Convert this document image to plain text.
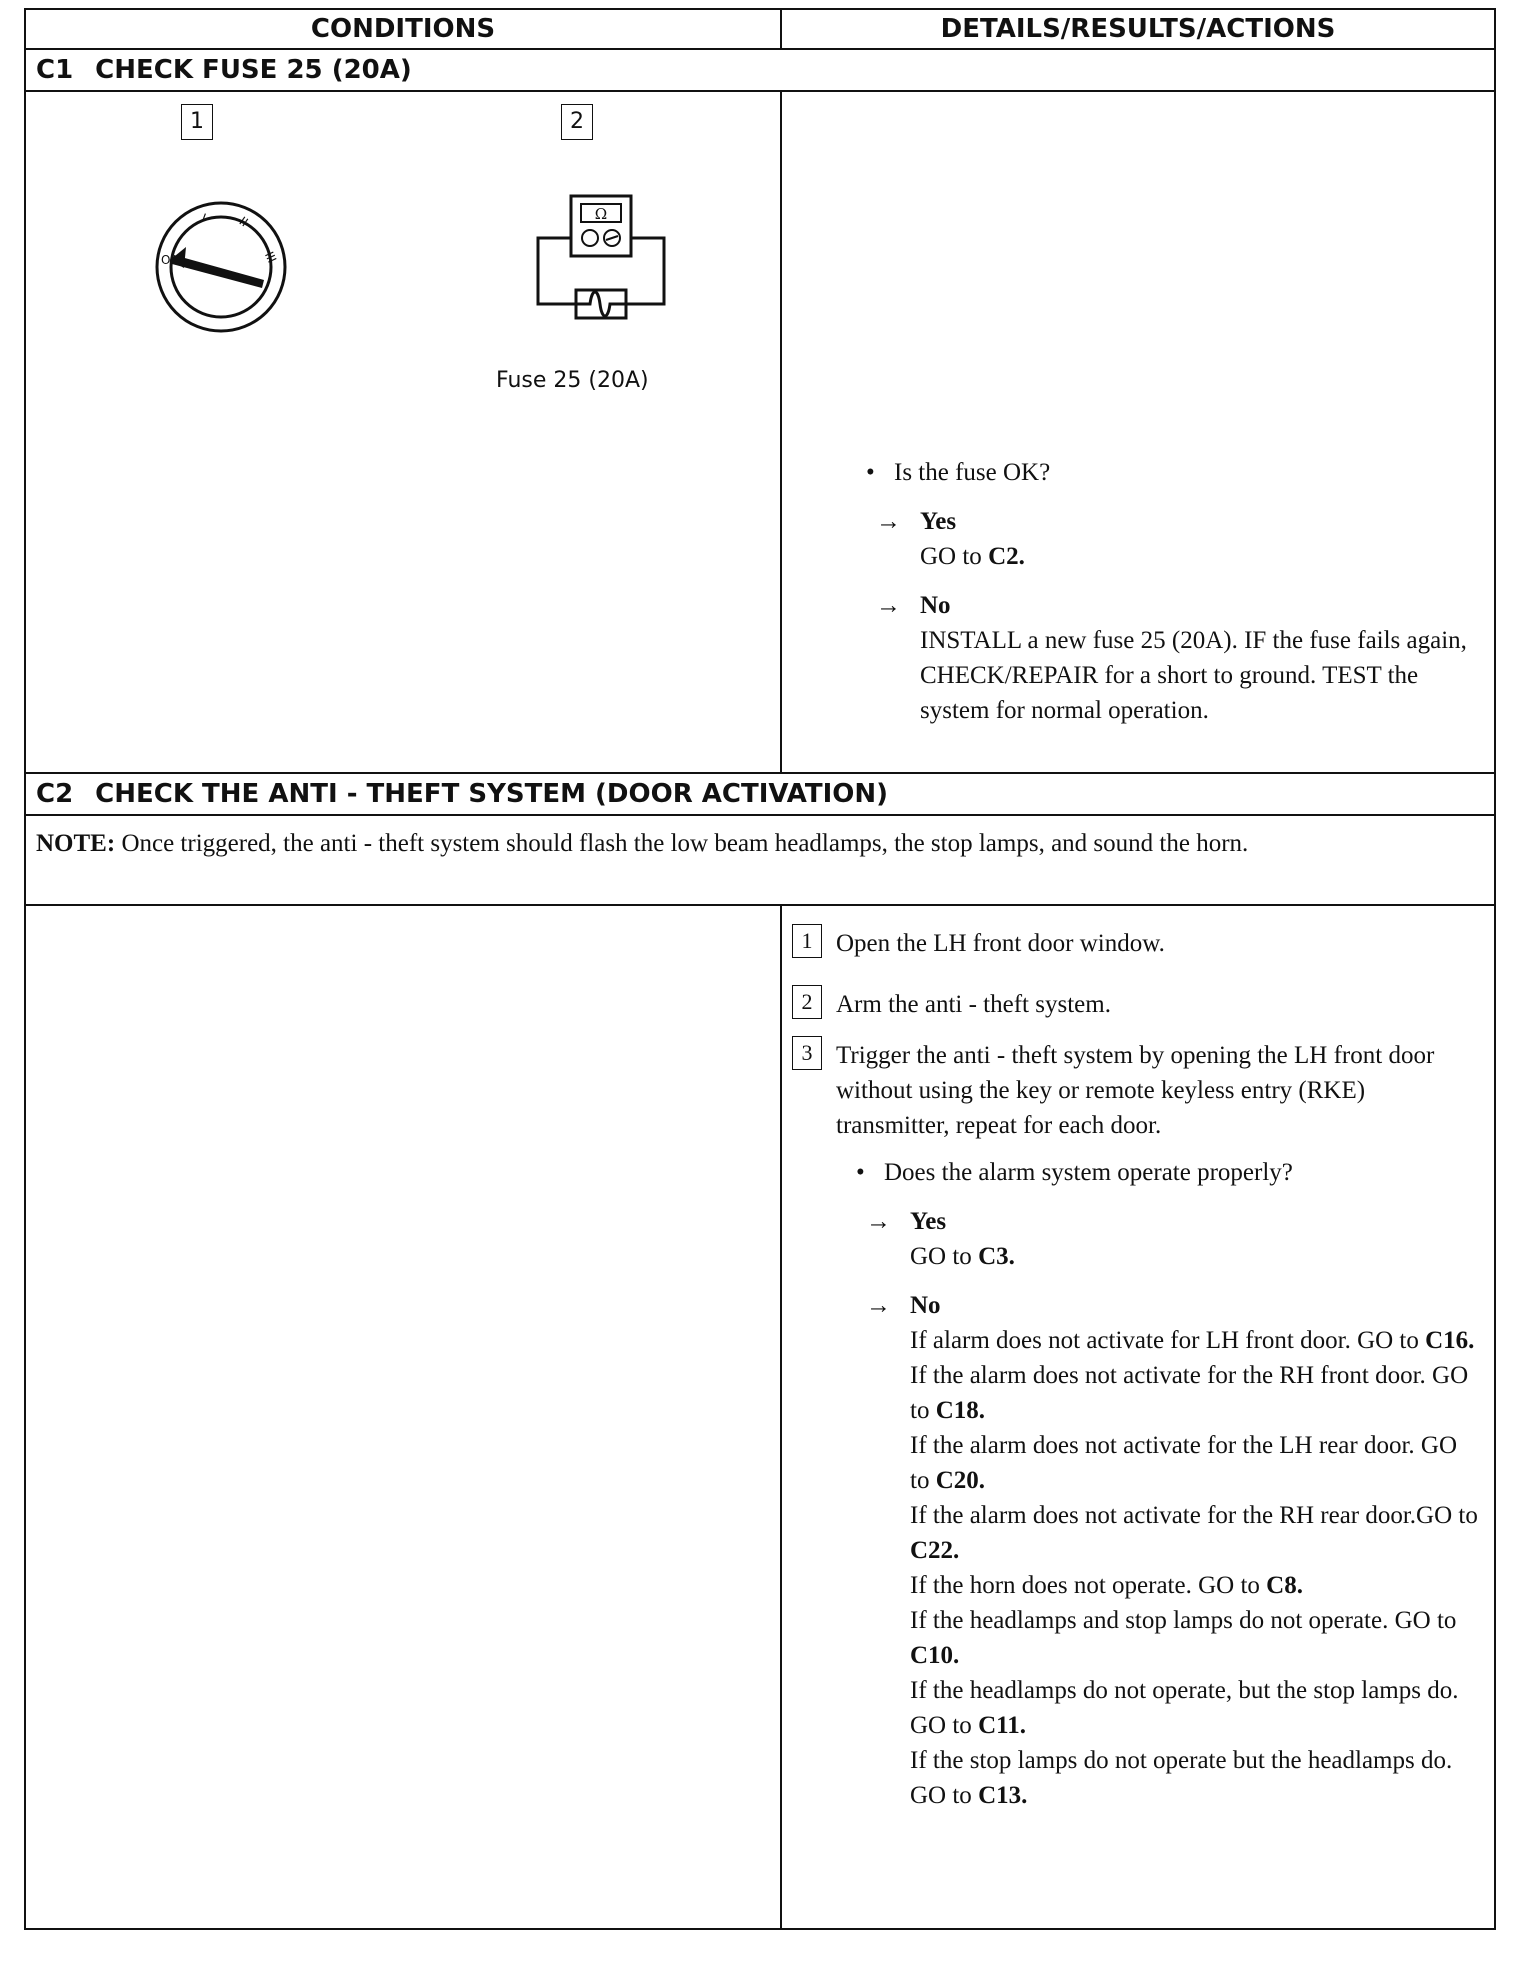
CONDITIONS	DETAILS/RESULTS/ACTIONS
C1 CHECK FUSE 25 (20A)
1	2
O
I II
III
Ω
Fuse 25 (20A)
• Is the fuse OK?
→ Yes
GO to C2.
→ No
INSTALL a new fuse 25 (20A). IF the fuse fails again, CHECK/REPAIR for a short to ground. TEST the system for normal operation.
C2 CHECK THE ANTI - THEFT SYSTEM (DOOR ACTIVATION)
NOTE: Once triggered, the anti - theft system should flash the low beam headlamps, the stop lamps, and sound the horn.
1 Open the LH front door window.
2 Arm the anti - theft system.
3 Trigger the anti - theft system by opening the LH front door without using the key or remote keyless entry (RKE) transmitter, repeat for each door.
• Does the alarm system operate properly?
→ Yes
GO to C3.
→ No
If alarm does not activate for LH front door. GO to C16.
If the alarm does not activate for the RH front door. GO to C18.
If the alarm does not activate for the LH rear door. GO to C20.
If the alarm does not activate for the RH rear door.GO to C22.
If the horn does not operate. GO to C8.
If the headlamps and stop lamps do not operate. GO to C10.
If the headlamps do not operate, but the stop lamps do. GO to C11.
If the stop lamps do not operate but the headlamps do. GO to C13.
